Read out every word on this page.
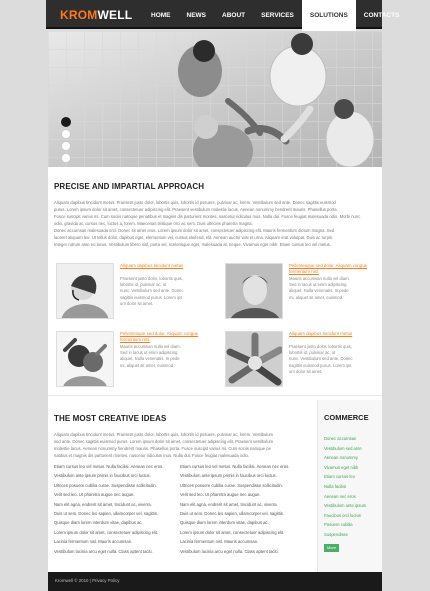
KROMWELL	HOME	NEWS	ABOUT	SERVICES	SOLUTIONS	CONTACTS
PRECISE AND IMPARTIAL APPROACH
Aliquam dapibus tincidunt metus. Praesent justo dolor, lobortis quis, lobortis id posuere, pulvinar ac, lorem. Vestibulum sed ante. Donec sagittis euismod
purus. Lorem ipsum dolor sit amet, consectetuer adipiscing elit. Praesent vestibulum molestie lacus. Aenean nonummy hendrerit mauris. Phasellus porta.
Fusce suscipit varius mi. Cum sociis natoque penatibus et magnis dis parturient montes, nascetur ridiculus mus. Nulla dui. Fusce feugiat malesuada odio. Morbi nunc
odio, gravida at, cursus nec, luctus a, lorem. Maecenas tristique orci ac sem. Duis ultricies pharetra magna.
Donec accumsan malesuada orci. Donec sit amet eros. Lorem ipsum dolor sit amet, consectetuer adipiscing elit. Mauris fermentum dictum magna. Sed
laoreet aliquam leo. Ut tellus dolor, dapibus eget, elementum vel, cursus eleifend, elit. Aenean auctor wisi et urna. Aliquam erat volutpat. Duis ac turpis.
Integer rutrum ante eu lacus. Vestibulum libero nisl, porta vel, scelerisque eget, malesuada at, neque. Vivamus eget nibh. Etiam cursus leo vel metus.
Aliquam dapibus tincidunt metus
Praesent justo dolor, lobortis quis,
lobortis id, pulvinar ac, ut
nunc. Vestibulum sed ante. Donec
sagittis euismod purus. Lorem ips
um dolor sit amet.
Pellentesque sed dolor. Aliquam congue fermentum nisl.
Mauris accumsan nulla vel diam.
Sed in lacus ut enim adipiscing
aliquet. Nulla venenatis. In pede
mi, aliquet sit amet, euismod.
Pellentesque sed dolor. Aliquam congue fermentum nisl.
Mauris accumsan nulla vel diam.
Sed in lacus ut enim adipiscing
aliquet. Nulla venenatis. In pede
mi, aliquet sit amet, euismod.
Aliquam dapibus tincidunt metus
Praesent justo dolor, lobortis quis,
lobortis id, pulvinar ac, ut
nunc. Vestibulum sed ante. Donec
sagittis euismod purus. Lorem ips
um dolor sit amet.
THE MOST CREATIVE IDEAS
Aliquam dapibus tincidunt metus. Praesent justo dolor, lobortis quis, lobortis id posuere, pulvinar ac, lorem. Vestibulum
sed ante. Donec sagittis euismod purus. Lorem ipsum dolor sit amet, consectetuer adipiscing elit. Praesent vestibulum
molestie lacus. Aenean nonummy hendrerit mauris. Phasellus porta. Fusce suscipit varius mi. Cum sociis natoque pe
natibus et magnis dis parturient montes, nascetur ridiculus mus. Nulla dui. Fusce feugiat malesuada odio.
Etiam cursus leo vel metus. Nulla facilisi. Aenean nec eros.
Vestibulum ante ipsum primis in faucibus orci luctus.
Ultrices posuere cubilia curae. Suspendisse sollicitudin.
Velit sed leo. Ut pharetra augue nec augue.
Nam elit agna, endrerit sit amet, tincidunt ac, viverra.
Duis ut sem. Donec leo sapien, ullamcorper vel, sagittis.
Quisque diam lorem interdum vitae, dapibus ac.
Lorem ipsum dolor sit amet, consectetuer adipiscing elit.
Lacinia fermentum nisl. Mauris accumsan.
Vestibulum lacinia arcu eget nulla. Class aptent taciti.
Etiam cursus leo vel metus. Nulla facilisi. Aenean nec eros.
Vestibulum ante ipsum primis in faucibus orci luctus.
Ultrices posuere cubilia curae. Suspendisse sollicitudin.
Velit sed leo. Ut pharetra augue nec augue.
Nam elit agna, endrerit sit amet, tincidunt ac, viverra.
Duis ut sem. Donec leo sapien, ullamcorper vel, sagittis.
Quisque diam lorem interdum vitae, dapibus ac.
Lorem ipsum dolor sit amet, consectetuer adipiscing elit.
Lacinia fermentum nisl. Mauris accumsan.
Vestibulum lacinia arcu eget nulla. Class aptent taciti.
COMMERCE
Donec accumsan
Vestibulum sed ante
Aenean nonummy
Vivamus eget nibh
Etiam cursus leo
Nulla facilisi
Aenean nec eros
Vestibulum ante ipsum
Faucibus orci luctus
Posuere cubilia
Suspendisse
More
Kromwell © 2010 | Privacy Policy
